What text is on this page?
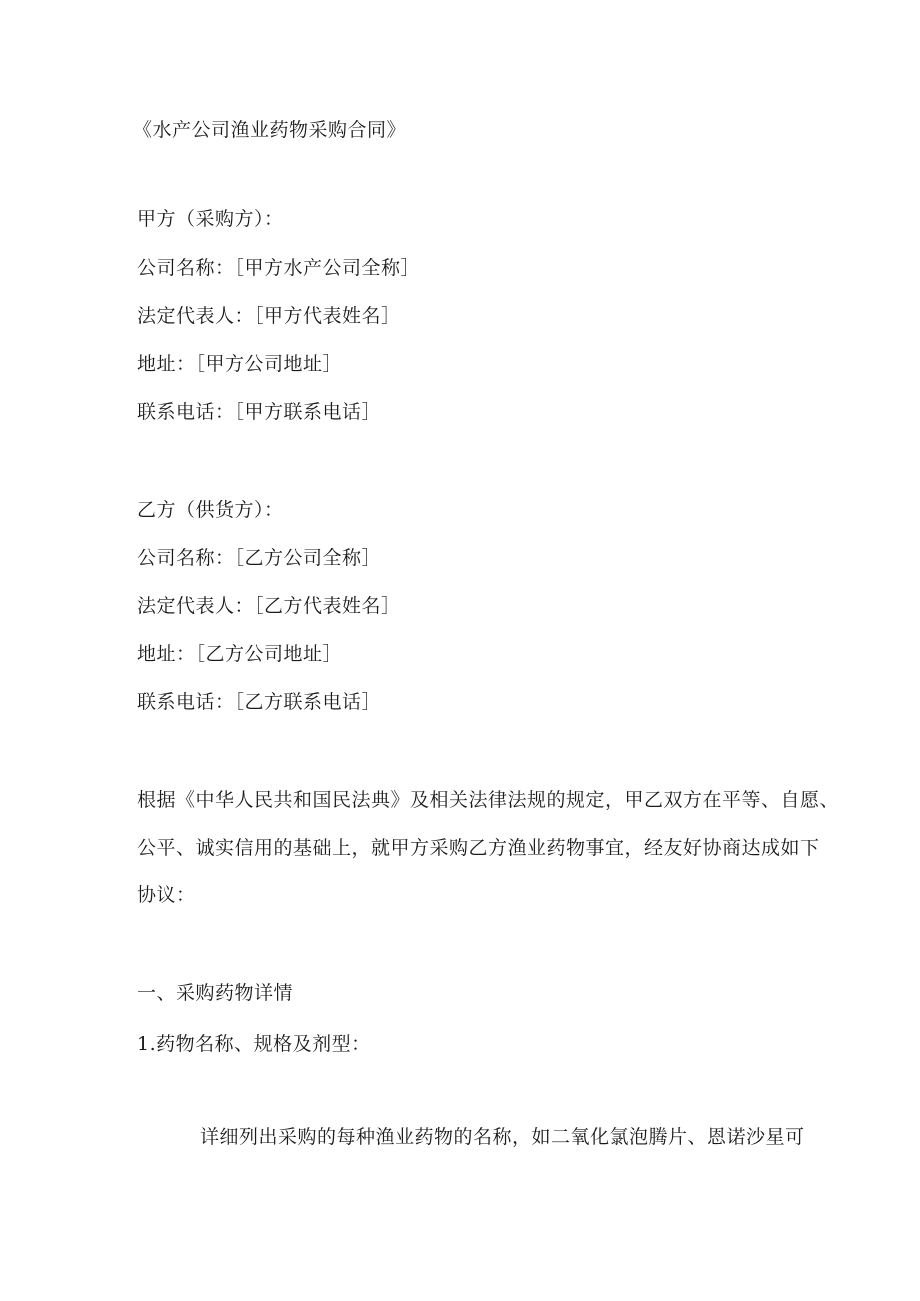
《水产公司渔业药物采购合同》

甲方（采购方）：

公司名称：［甲方水产公司全称］

法定代表人：［甲方代表姓名］

地址：［甲方公司地址］

联系电话：［甲方联系电话］

乙方（供货方）：

公司名称：［乙方公司全称］

法定代表人：［乙方代表姓名］

地址：［乙方公司地址］

联系电话：［乙方联系电话］

根据《中华人民共和国民法典》及相关法律法规的规定，甲乙双方在平等、自愿、

公平、诚实信用的基础上，就甲方采购乙方渔业药物事宜，经友好协商达成如下

协议：

一、采购药物详情

1.药物名称、规格及剂型：

详细列出采购的每种渔业药物的名称，如二氧化氯泡腾片、恩诺沙星可
